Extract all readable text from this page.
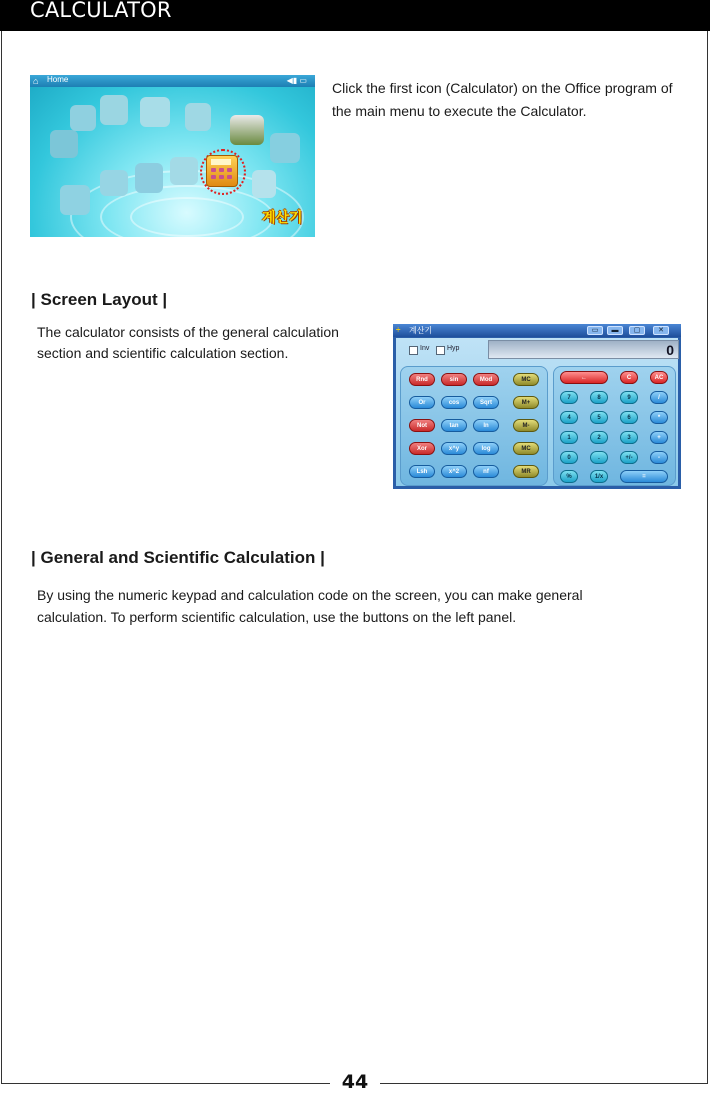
CALCULATOR
⌂	Home	◀▮ ▭
계산기
Click the first icon (Calculator) on the Office program of the main menu to execute the Calculator.
| Screen Layout |
The calculator consists of the general calculation section and scientific calculation section.
÷ 계산기	▭	▬	▢	✕
Inv	Hyp	0
Rnd	sin	Mod	MC
Or	cos	Sqrt	M+
Not	tan	ln	M-
Xor	x^y	log	MC
Lsh	x^2	nf	MR
←	C	AC
7	8	9	/
4	5	6	*
1	2	3	+
0	.	+/-	-
%	1/x	=
| General and Scientific Calculation |
By using the numeric keypad and calculation code on the screen, you can make general calculation. To perform scientific calculation, use the buttons on the left panel.
44
